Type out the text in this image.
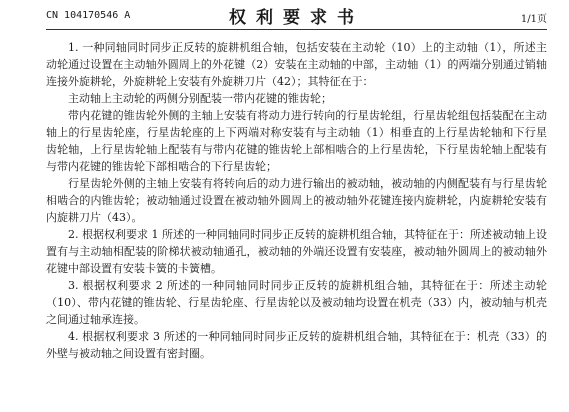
CN 104170546 A	权利要求书	1/1页

1. 一种同轴同时同步正反转的旋耕机组合轴，包括安装在主动轮（10）上的主动轴（1），所述主动轮通过设置在主动轴外圆周上的外花键（2）安装在主动轴的中部，主动轴（1）的两端分别通过销轴连接外旋耕轮，外旋耕轮上安装有外旋耕刀片（42）；其特征在于：

主动轴上主动轮的两侧分别配装一带内花键的锥齿轮；

带内花键的锥齿轮外侧的主轴上安装有将动力进行转向的行星齿轮组，行星齿轮组包括装配在主动轴上的行星齿轮座，行星齿轮座的上下两端对称安装有与主动轴（1）相垂直的上行星齿轮轴和下行星齿轮轴，上行星齿轮轴上配装有与带内花键的锥齿轮上部相啮合的上行星齿轮，下行星齿轮轴上配装有与带内花键的锥齿轮下部相啮合的下行星齿轮；

行星齿轮外侧的主轴上安装有将转向后的动力进行输出的被动轴，被动轴的内侧配装有与行星齿轮相啮合的内锥齿轮；被动轴通过设置在被动轴外圆周上的被动轴外花键连接内旋耕轮，内旋耕轮安装有内旋耕刀片（43）。

2. 根据权利要求 1 所述的一种同轴同时同步正反转的旋耕机组合轴，其特征在于：所述被动轴上设置有与主动轴相配装的阶梯状被动轴通孔，被动轴的外端还设置有安装座，被动轴外圆周上的被动轴外花键中部设置有安装卡簧的卡簧槽。

3. 根据权利要求 2 所述的一种同轴同时同步正反转的旋耕机组合轴，其特征在于：所述主动轮（10）、带内花键的锥齿轮、行星齿轮座、行星齿轮以及被动轴均设置在机壳（33）内，被动轴与机壳之间通过轴承连接。

4. 根据权利要求 3 所述的一种同轴同时同步正反转的旋耕机组合轴，其特征在于：机壳（33）的外壁与被动轴之间设置有密封圈。
